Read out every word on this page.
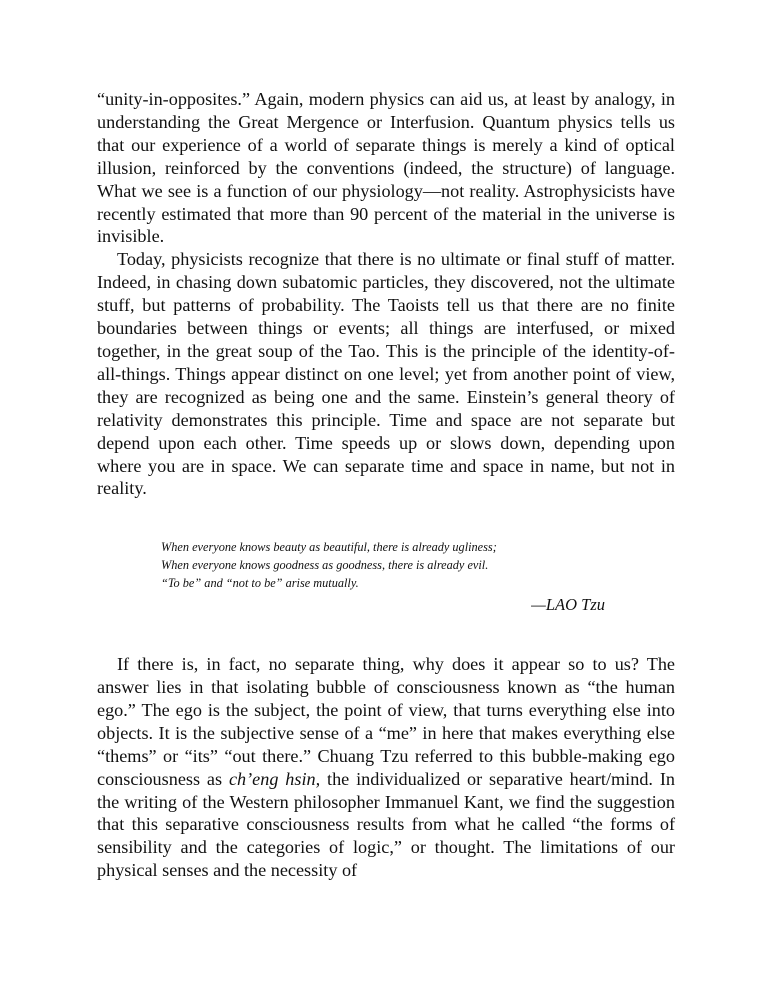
“unity-in-opposites.” Again, modern physics can aid us, at least by analogy, in understanding the Great Mergence or Interfusion. Quantum physics tells us that our experience of a world of separate things is merely a kind of optical illusion, reinforced by the conventions (indeed, the structure) of language. What we see is a function of our physiology—not reality. Astrophysicists have recently estimated that more than 90 percent of the material in the universe is invisible.

Today, physicists recognize that there is no ultimate or final stuff of matter. Indeed, in chasing down subatomic particles, they discovered, not the ultimate stuff, but patterns of probability. The Taoists tell us that there are no finite boundaries between things or events; all things are interfused, or mixed together, in the great soup of the Tao. This is the principle of the identity-of-all-things. Things appear distinct on one level; yet from another point of view, they are recognized as being one and the same. Einstein’s general theory of relativity demonstrates this principle. Time and space are not separate but depend upon each other. Time speeds up or slows down, depending upon where you are in space. We can separate time and space in name, but not in reality.

When everyone knows beauty as beautiful, there is already ugliness;
When everyone knows goodness as goodness, there is already evil.
“To be” and “not to be” arise mutually.
—LAO Tzu

If there is, in fact, no separate thing, why does it appear so to us? The answer lies in that isolating bubble of consciousness known as “the human ego.” The ego is the subject, the point of view, that turns everything else into objects. It is the subjective sense of a “me” in here that makes everything else “thems” or “its” “out there.” Chuang Tzu referred to this bubble-making ego consciousness as ch’eng hsin, the individualized or separative heart/mind. In the writing of the Western philosopher Immanuel Kant, we find the suggestion that this separative consciousness results from what he called “the forms of sensibility and the categories of logic,” or thought. The limitations of our physical senses and the necessity of
